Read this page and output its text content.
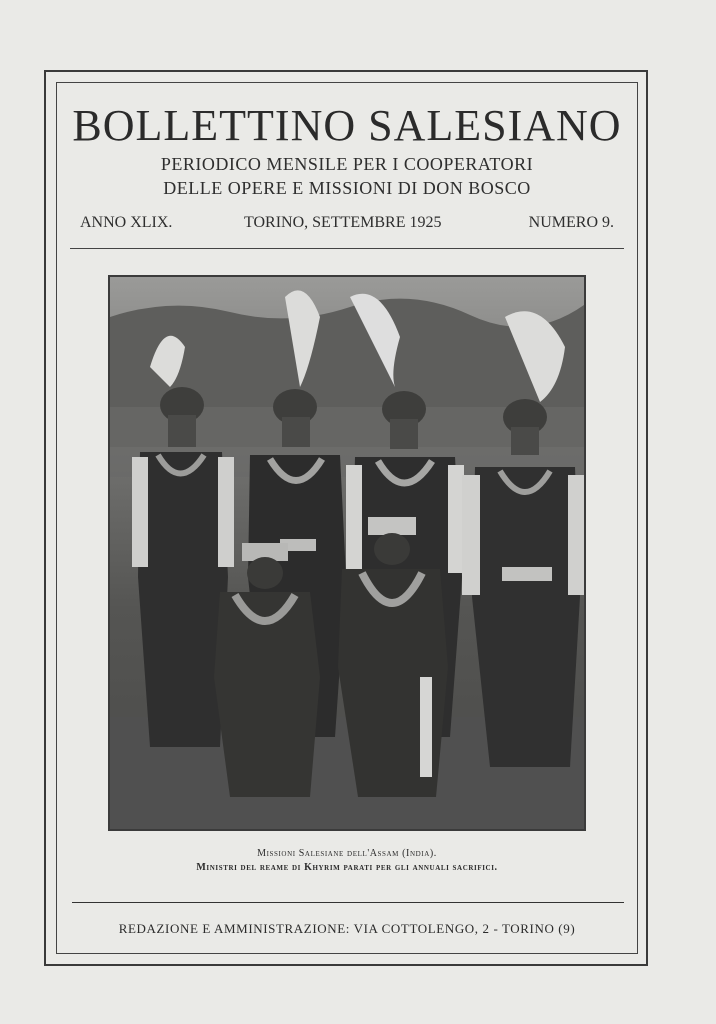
BOLLETTINO SALESIANO
PERIODICO MENSILE PER I COOPERATORI
DELLE OPERE E MISSIONI DI DON BOSCO
ANNO XLIX.	TORINO, SETTEMBRE 1925	NUMERO 9.
Missioni Salesiane dell'Assam (India).
Ministri del reame di Khyrim parati per gli annuali sacrifici.
REDAZIONE E AMMINISTRAZIONE: VIA COTTOLENGO, 2 - TORINO (9)
